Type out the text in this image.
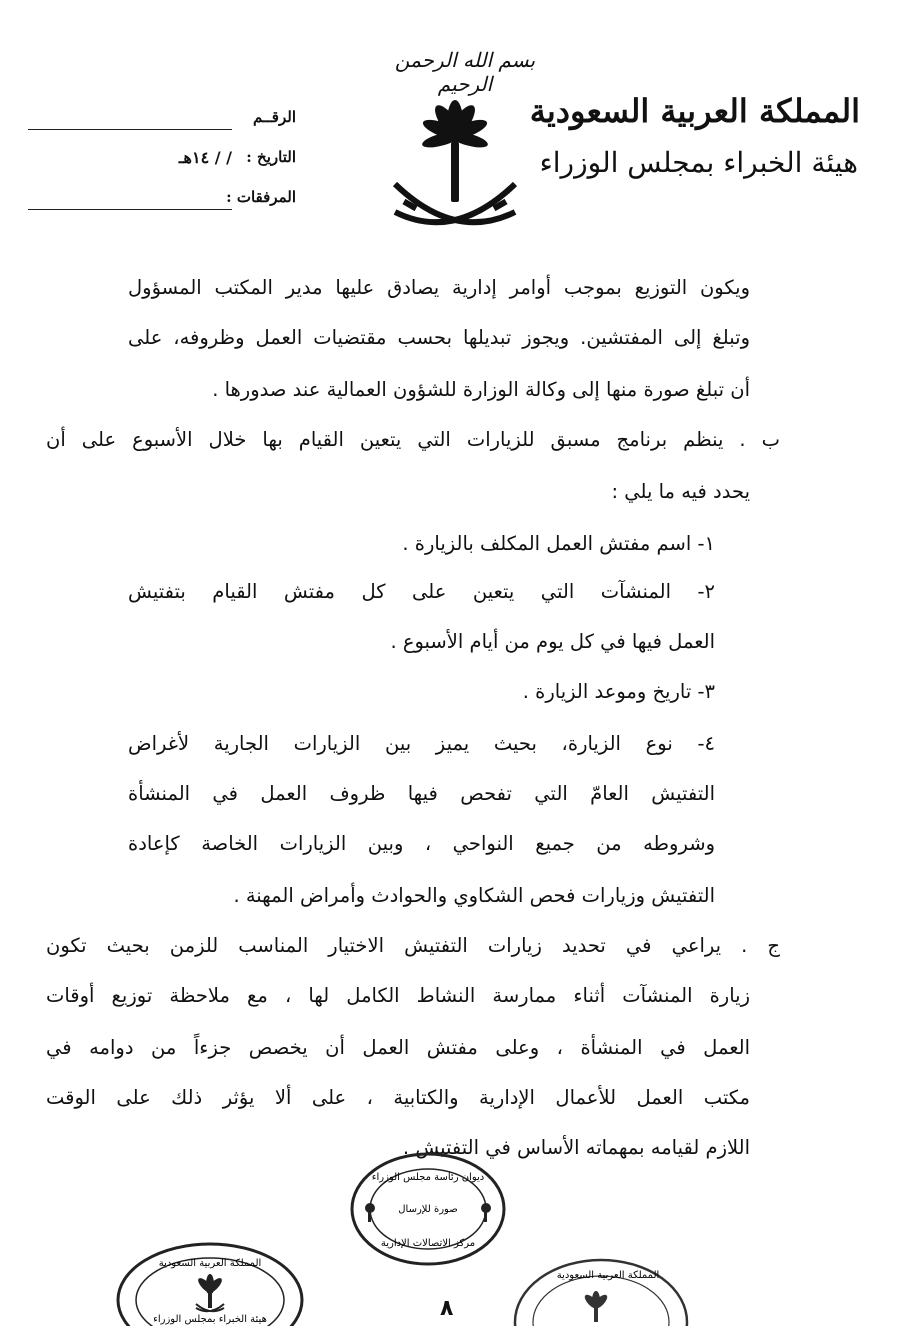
بسم الله الرحمن الرحيم
المملكة العربية السعودية
هيئة الخبراء بمجلس الوزراء
الرقــم
التاريخ :
/ / ١٤هـ
المرفقات :
ويكون التوزيع بموجب أوامر إدارية يصادق عليها مدير المكتب المسؤول
وتبلغ إلى المفتشين. ويجوز تبديلها بحسب مقتضيات العمل وظروفه، على
أن تبلغ صورة منها إلى وكالة الوزارة للشؤون العمالية عند صدورها .
ب . ينظم برنامج مسبق للزيارات التي يتعين القيام بها خلال الأسبوع على أن
يحدد فيه ما يلي :
١- اسم مفتش العمل المكلف بالزيارة .
٢- المنشآت التي يتعين على كل مفتش القيام بتفتيش
العمل فيها في كل يوم من أيام الأسبوع .
٣- تاريخ وموعد الزيارة .
٤- نوع الزيارة، بحيث يميز بين الزيارات الجارية لأغراض
التفتيش العامّ التي تفحص فيها ظروف العمل في المنشأة
وشروطه من جميع النواحي ، وبين الزيارات الخاصة كإعادة
التفتيش وزيارات فحص الشكاوي والحوادث وأمراض المهنة .
ج . يراعي في تحديد زيارات التفتيش الاختيار المناسب للزمن بحيث تكون
زيارة المنشآت أثناء ممارسة النشاط الكامل لها ، مع ملاحظة توزيع أوقات
العمل في المنشأة ، وعلى مفتش العمل أن يخصص جزءاً من دوامه في
مكتب العمل للأعمال الإدارية والكتابية ، على ألا يؤثر ذلك على الوقت
اللازم لقيامه بمهماته الأساس في التفتيش .
ديوان رئاسة مجلس الوزراء
صورة للإرسال
مركز الاتصالات الإدارية
المملكة العربية السعودية
هيئة الخبراء بمجلس الوزراء
المملكة العربية السعودية
٨
